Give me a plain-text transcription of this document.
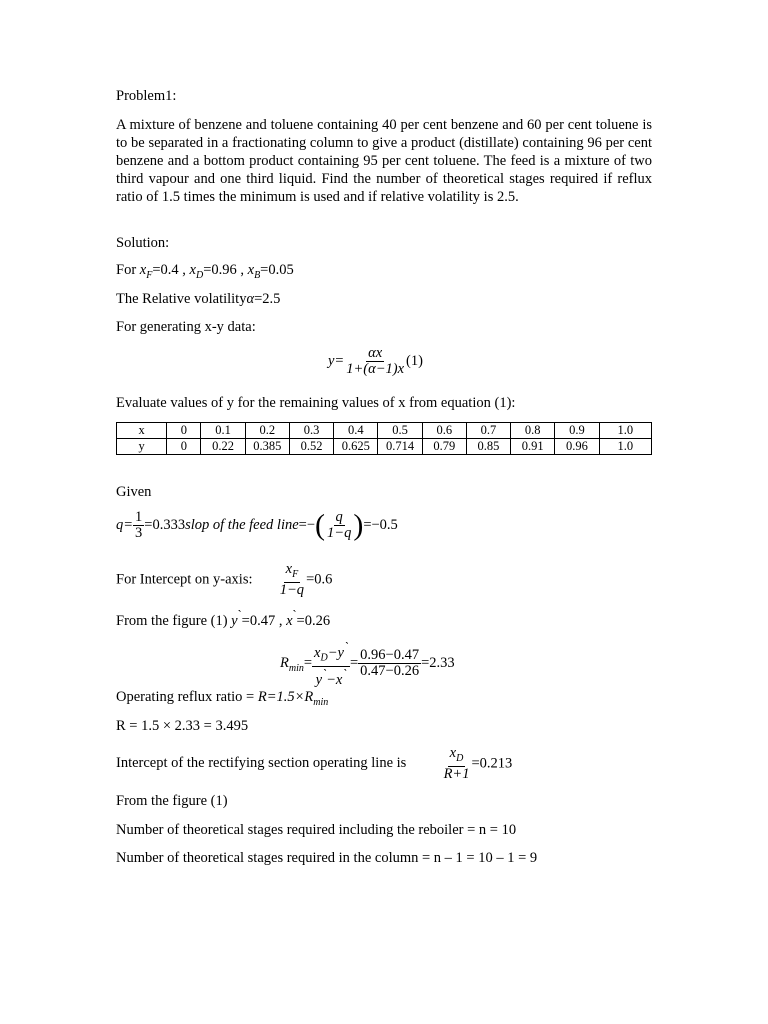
Problem1:

A mixture of benzene and toluene containing 40 per cent benzene and 60 per cent toluene is to be separated in a fractionating column to give a product (distillate) containing 96 per cent benzene and a bottom product containing 95 per cent toluene. The feed is a mixture of two third vapour and one third liquid. Find the number of theoretical stages required if reflux ratio of 1.5 times the minimum is used and if relative volatility is 2.5.

Solution:
For $x_F=0.4$ , $x_D=0.96$ , $x_B=0.05$
The Relative volatilityα=2.5
For generating x-y data:
$y= \frac{\alpha x}{1+(\alpha-1)x} (1)$
Evaluate values of y for the remaining values of x from equation (1):
x	0	0.1	0.2	0.3	0.4	0.5	0.6	0.7	0.8	0.9	1.0
y	0	0.22	0.385	0.52	0.625	0.714	0.79	0.85	0.91	0.96	1.0
Given
$q= \frac{1}{3}$ =0.333slop of the feed line=−( $\frac{q}{1-q} )=-0.5$
For Intercept on y-axis: $\frac{x_F}{1-q} =0.6$
From the figure (1) y`=0.47 , x`=0.26
$R_{min}= \frac{x_D-y^`}{y^`-x^`} = \frac{0.96-0.47}{0.47-0.26} =2.33$
Operating reflux ratio = $R=1.5\times R_{min}$
R = 1.5 × 2.33 = 3.495
Intercept of the rectifying section operating line is $\frac{x_D}{R+1} =0.213$
From the figure (1)
Number of theoretical stages required including the reboiler = n = 10
Number of theoretical stages required in the column = n – 1 = 10 – 1 = 9
